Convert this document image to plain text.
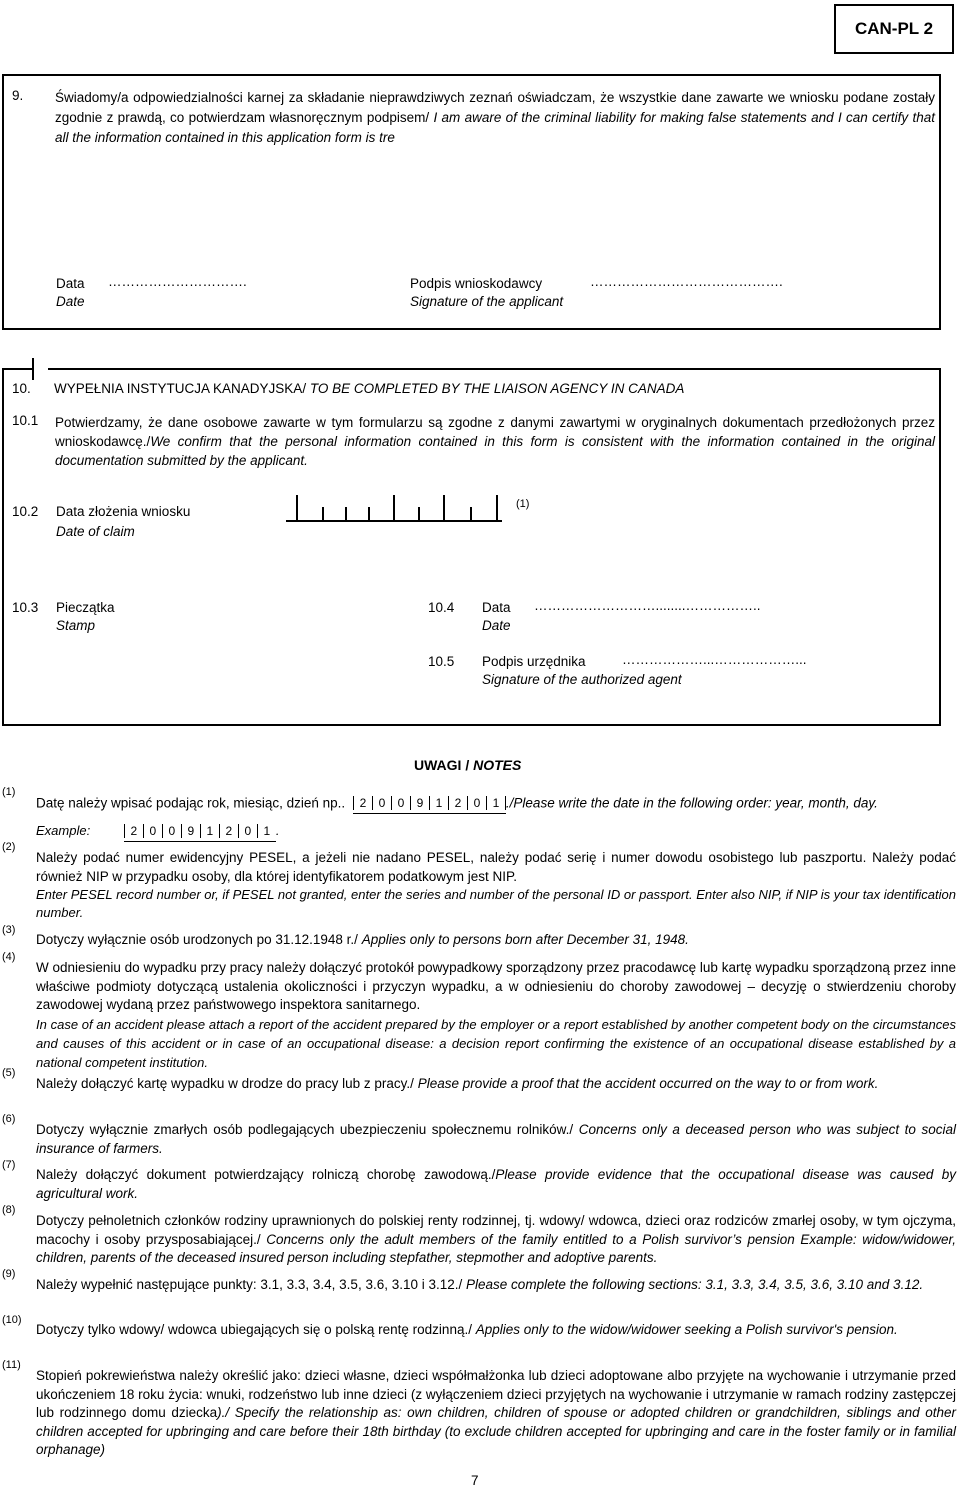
CAN-PL 2
9. Świadomy/a odpowiedzialności karnej za składanie nieprawdziwych zeznań oświadczam, że wszystkie dane zawarte we wniosku podane zostały zgodnie z prawdą, co potwierdzam własnoręcznym podpisem/ I am aware of the criminal liability for making false statements and I can certify that all the information contained in this application form is tre
Data
Date
………………………….	Podpis wnioskodawcy
Signature of the applicant
…………………………………….
10. WYPEŁNIA INSTYTUCJA KANADYJSKA/ TO BE COMPLETED BY THE LIAISON AGENCY IN CANADA
10.1 Potwierdzamy, że dane osobowe zawarte w tym formularzu są zgodne z danymi zawartymi w oryginalnych dokumentach przedłożonych przez wnioskodawcę./We confirm that the personal information contained in this form is consistent with the information contained in the original documentation submitted by the applicant.
10.2 Data złożenia wniosku
Date of claim
(1)
10.3 Pieczątka
Stamp
10.4 Data
Date
………………………........……………..
10.5 Podpis urzędnika
Signature of the authorized agent
………………...………………...
UWAGI / NOTES
(1)
Datę należy wpisać podając rok, miesiąc, dzień np.. 2 0 0 9 1 2 0 1 ./Please write the date in the following order: year, month, day.
Example:	2 0 0 9 1 2 0 1 .
(2)
Należy podać numer ewidencyjny PESEL, a jeżeli nie nadano PESEL, należy podać serię i numer dowodu osobistego lub paszportu. Należy podać również NIP w przypadku osoby, dla której identyfikatorem podatkowym jest NIP.
Enter PESEL record number or, if PESEL not granted, enter the series and number of the personal ID or passport. Enter also NIP, if NIP is your tax identification number.
(3)
Dotyczy wyłącznie osób urodzonych po 31.12.1948 r./ Applies only to persons born after December 31, 1948.
(4)
W odniesieniu do wypadku przy pracy należy dołączyć protokół powypadkowy sporządzony przez pracodawcę lub kartę wypadku sporządzoną przez inne właściwe podmioty dotyczącą ustalenia okoliczności i przyczyn wypadku, a w odniesieniu do choroby zawodowej – decyzję o stwierdzeniu choroby zawodowej wydaną przez państwowego inspektora sanitarnego.
In case of an accident please attach a report of the accident prepared by the employer or a report established by another competent body on the circumstances and causes of this accident or in case of an occupational disease: a decision report confirming the existence of an occupational disease established by a national competent institution.
(5)
Należy dołączyć kartę wypadku w drodze do pracy lub z pracy./ Please provide a proof that the accident occurred on the way to or from work.
(6)
Dotyczy wyłącznie zmarłych osób podlegających ubezpieczeniu społecznemu rolników./ Concerns only a deceased person who was subject to social insurance of farmers.
(7)
Należy dołączyć dokument potwierdzający rolniczą chorobę zawodową./Please provide evidence that the occupational disease was caused by agricultural work.
(8)
Dotyczy pełnoletnich członków rodziny uprawnionych do polskiej renty rodzinnej, tj. wdowy/ wdowca, dzieci oraz rodziców zmarłej osoby, w tym ojczyma, macochy i osoby przysposabiającej./ Concerns only the adult members of the family entitled to a Polish survivor’s pension Example: widow/widower, children, parents of the deceased insured person including stepfather, stepmother and adoptive parents.
(9)
Należy wypełnić następujące punkty: 3.1, 3.3, 3.4, 3.5, 3.6, 3.10 i 3.12./ Please complete the following sections: 3.1, 3.3, 3.4, 3.5, 3.6, 3.10 and 3.12.
(10)
Dotyczy tylko wdowy/ wdowca ubiegających się o polską rentę rodzinną./ Applies only to the widow/widower seeking a Polish survivor's pension.
(11)
Stopień pokrewieństwa należy określić jako: dzieci własne, dzieci współmałżonka lub dzieci adoptowane albo przyjęte na wychowanie i utrzymanie przed ukończeniem 18 roku życia: wnuki, rodzeństwo lub inne dzieci (z wyłączeniem dzieci przyjętych na wychowanie i utrzymanie w ramach rodziny zastępczej lub rodzinnego domu dziecka)./ Specify the relationship as: own children, children of spouse or adopted children or grandchildren, siblings and other children accepted for upbringing and care before their 18th birthday (to exclude children accepted for upbringing and care in the foster family or in familial orphanage)
7
